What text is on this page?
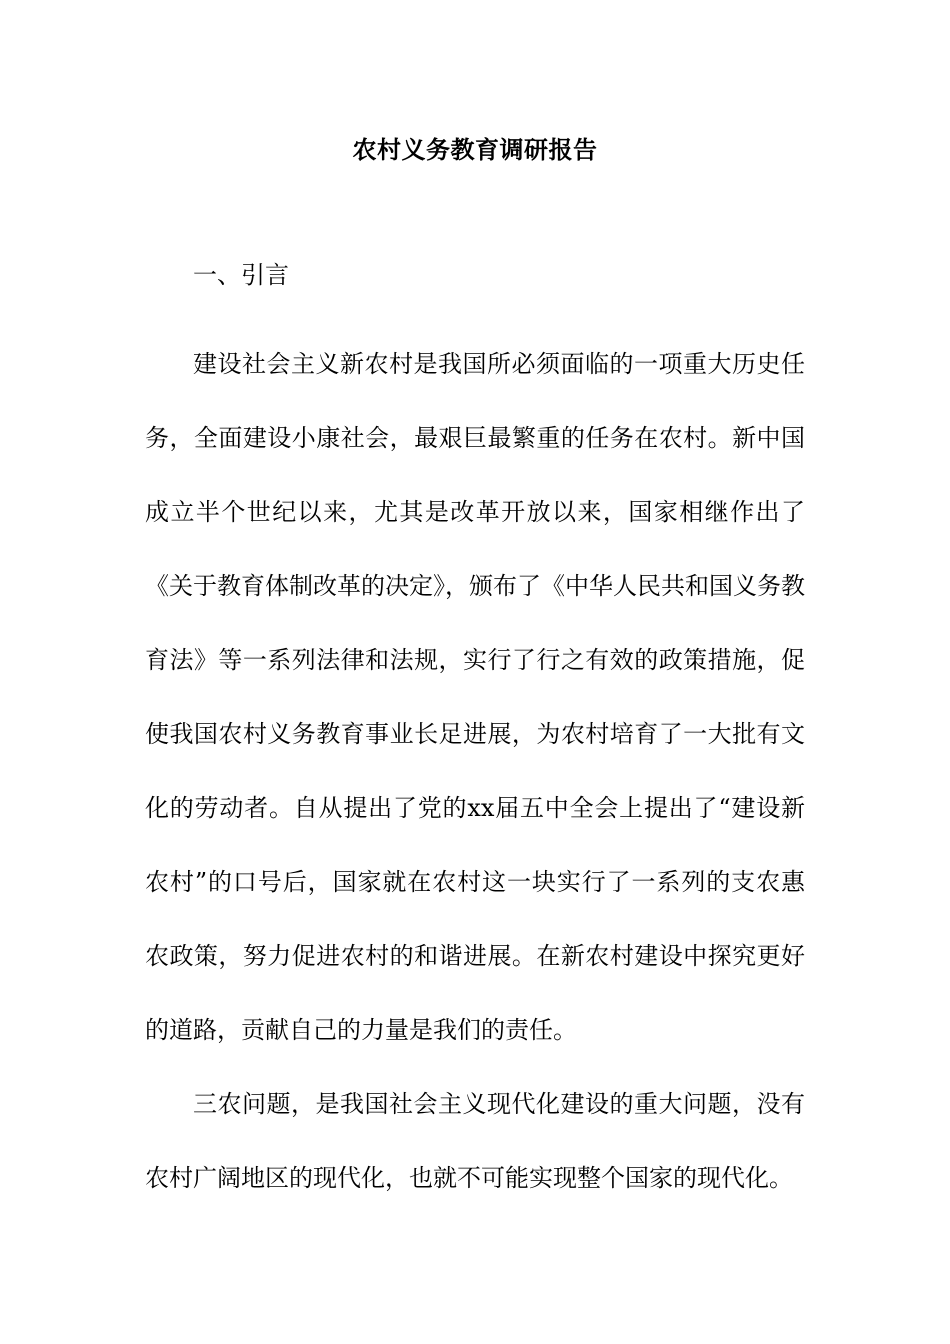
农村义务教育调研报告

一、引言

建设社会主义新农村是我国所必须面临的一项重大历史任务，全面建设小康社会，最艰巨最繁重的任务在农村。新中国成立半个世纪以来，尤其是改革开放以来，国家相继作出了《关于教育体制改革的决定》，颁布了《中华人民共和国义务教育法》等一系列法律和法规，实行了行之有效的政策措施，促使我国农村义务教育事业长足进展，为农村培育了一大批有文化的劳动者。自从提出了党的xx届五中全会上提出了“建设新农村”的口号后，国家就在农村这一块实行了一系列的支农惠农政策，努力促进农村的和谐进展。在新农村建设中探究更好的道路，贡献自己的力量是我们的责任。

三农问题，是我国社会主义现代化建设的重大问题，没有农村广阔地区的现代化，也就不可能实现整个国家的现代化。
